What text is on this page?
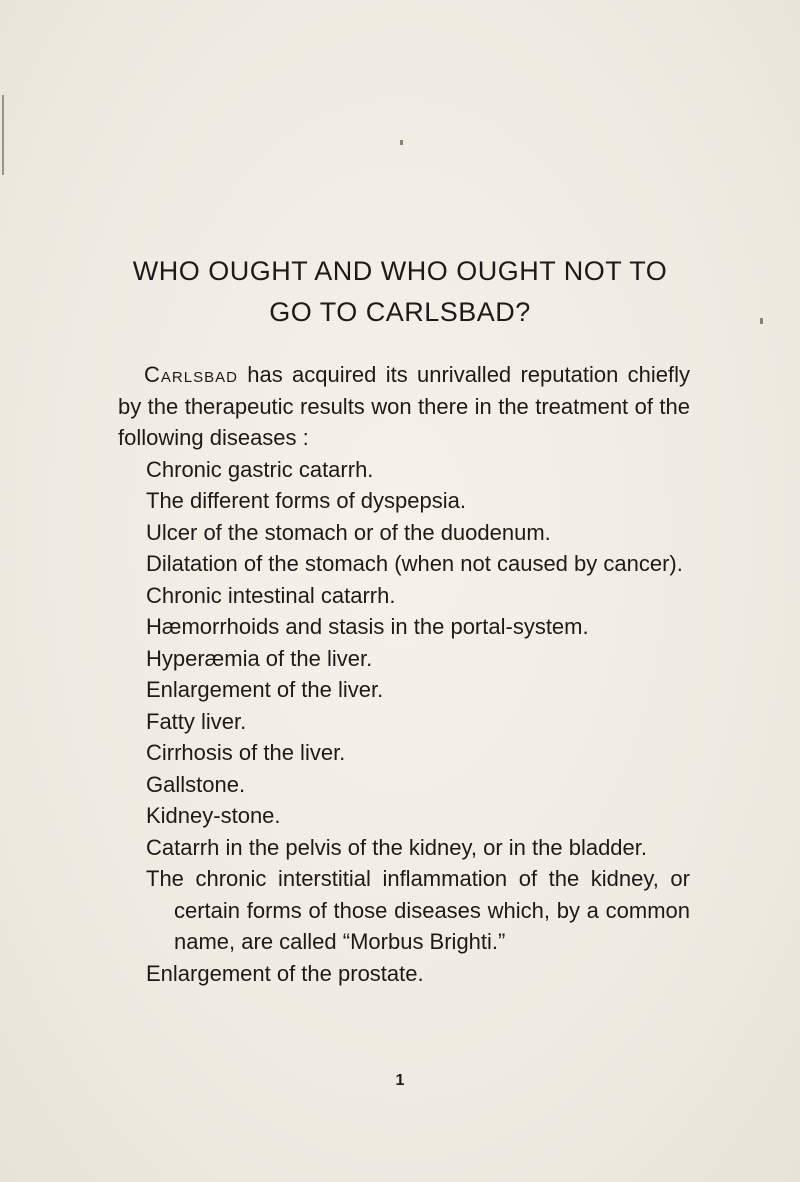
WHO OUGHT AND WHO OUGHT NOT TO
GO TO CARLSBAD?

Carlsbad has acquired its unrivalled reputation chiefly by the therapeutic results won there in the treatment of the following diseases :

Chronic gastric catarrh.
The different forms of dyspepsia.
Ulcer of the stomach or of the duodenum.
Dilatation of the stomach (when not caused by cancer).
Chronic intestinal catarrh.
Hæmorrhoids and stasis in the portal-system.
Hyperæmia of the liver.
Enlargement of the liver.
Fatty liver.
Cirrhosis of the liver.
Gallstone.
Kidney-stone.
Catarrh in the pelvis of the kidney, or in the bladder.
The chronic interstitial inflammation of the kidney, or certain forms of those diseases which, by a common name, are called “Morbus Brighti.”
Enlargement of the prostate.
1
